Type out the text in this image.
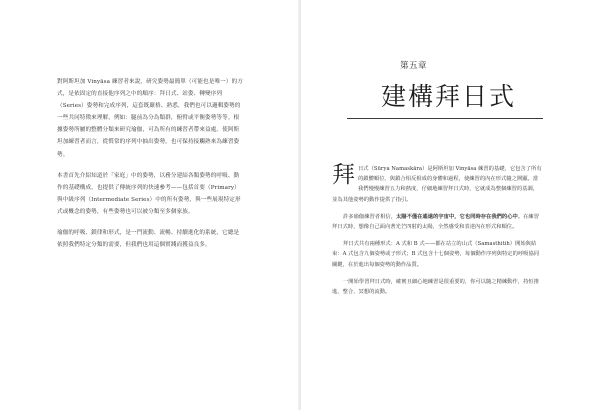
對阿斯坦加 Vinyāsa 練習者來說，研究姿勢最簡單（可能也是唯一）的方式，是依固定的直接他序列之中的順序：拜日式、站姿、轉變序列（Series）姿勢和完成序列，這套既嚴格、熟悉，我們也可以邏輯姿勢的一些共同特徵來理解，例如：腿前為分為類群，俯臂或平衡姿勢等等。根據姿勢所屬的整體分類來研究瑜伽，可為所有的練習者帶來益處。使阿斯坦加練習者而言，從慣常的序列中抽出姿勢，也可保持接觸熟來為練習姿勢。

本書首先介紹知道於「家庭」中的姿勢，以務分建結各類姿勢的呼吸、動作的基礎構成，也提供了傳統序列的快速參考——包括首要（Primary）與中級序列（Intermediate Series）中的所有姿勢，與一些展現特定形式或概念的姿勢，有些姿勢也可以被分類至多個家族。

瑜伽的呼吸、鎖律和形式，是一門流動、流暢、持續進化的系統，它總是依照我們特定分類的需要，但我們也用這個實踐而獲益良多。

第五章
建構拜日式

拜日式（Sūrya Namaskāra）是阿斯坦加 Vinyāsa 練習的基礎，它包含了所有的鎖體順位、與鎖合相反相成的身體和過程，使練習的內在形式隨之開顯。當我們慢慢練習五力和熱度，仔細地練習拜日式時，它就成為整個練習的基調，並為其他姿勢的動作提供了指引。

許多瑜伽練習者相信，太陽不僅在遙遠的宇宙中，它也同時存在我們的心中。在練習拜日式時，想像自己面向著光芒四射的太陽，全然感受和表達內在形式和順位。

拜日式共有兩種形式：A 式和 B 式——都在站立的山式（Samasthitih）開始與結束：A 式包含九個姿勢或子形式；B 式包含十七個姿勢，每個動作序列與特定的呼吸協同關鍵，在於進出每個姿勢的動作品質。

一開始學習拜日式時，確實且細心地練習是很重要的，你可以隨之精練動作，持恒推進，整合，冥想的流動。
